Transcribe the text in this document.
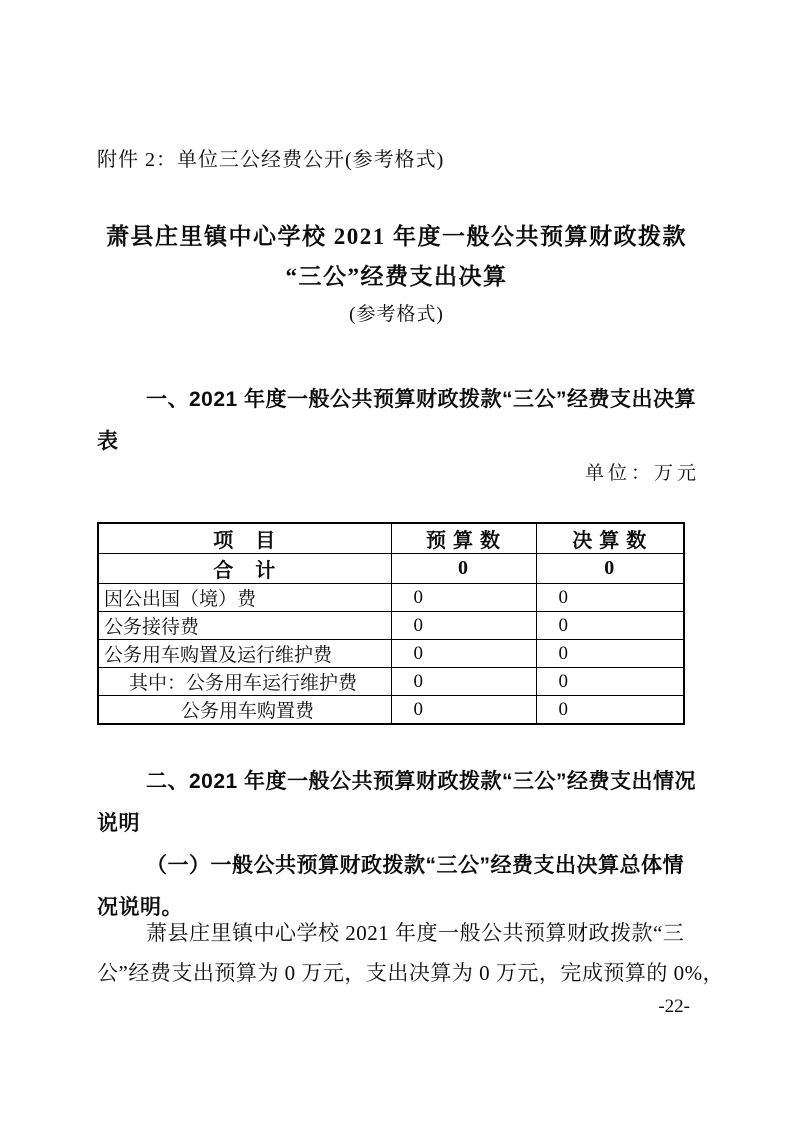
附件 2：单位三公经费公开(参考格式)
萧县庄里镇中心学校 2021 年度一般公共预算财政拨款
“三公”经费支出决算
(参考格式)
一、2021 年度一般公共预算财政拨款“三公”经费支出决算
表
单位：万元
项　目	预 算 数	决 算 数
合　计	0	0
因公出国（境）费	0	0
公务接待费	0	0
公务用车购置及运行维护费	0	0
其中：公务用车运行维护费	0	0
公务用车购置费	0	0
二、2021 年度一般公共预算财政拨款“三公”经费支出情况
说明
（一）一般公共预算财政拨款“三公”经费支出决算总体情
况说明。
萧县庄里镇中心学校 2021 年度一般公共预算财政拨款“三
公”经费支出预算为 0 万元，支出决算为 0 万元，完成预算的 0%，
-22-
